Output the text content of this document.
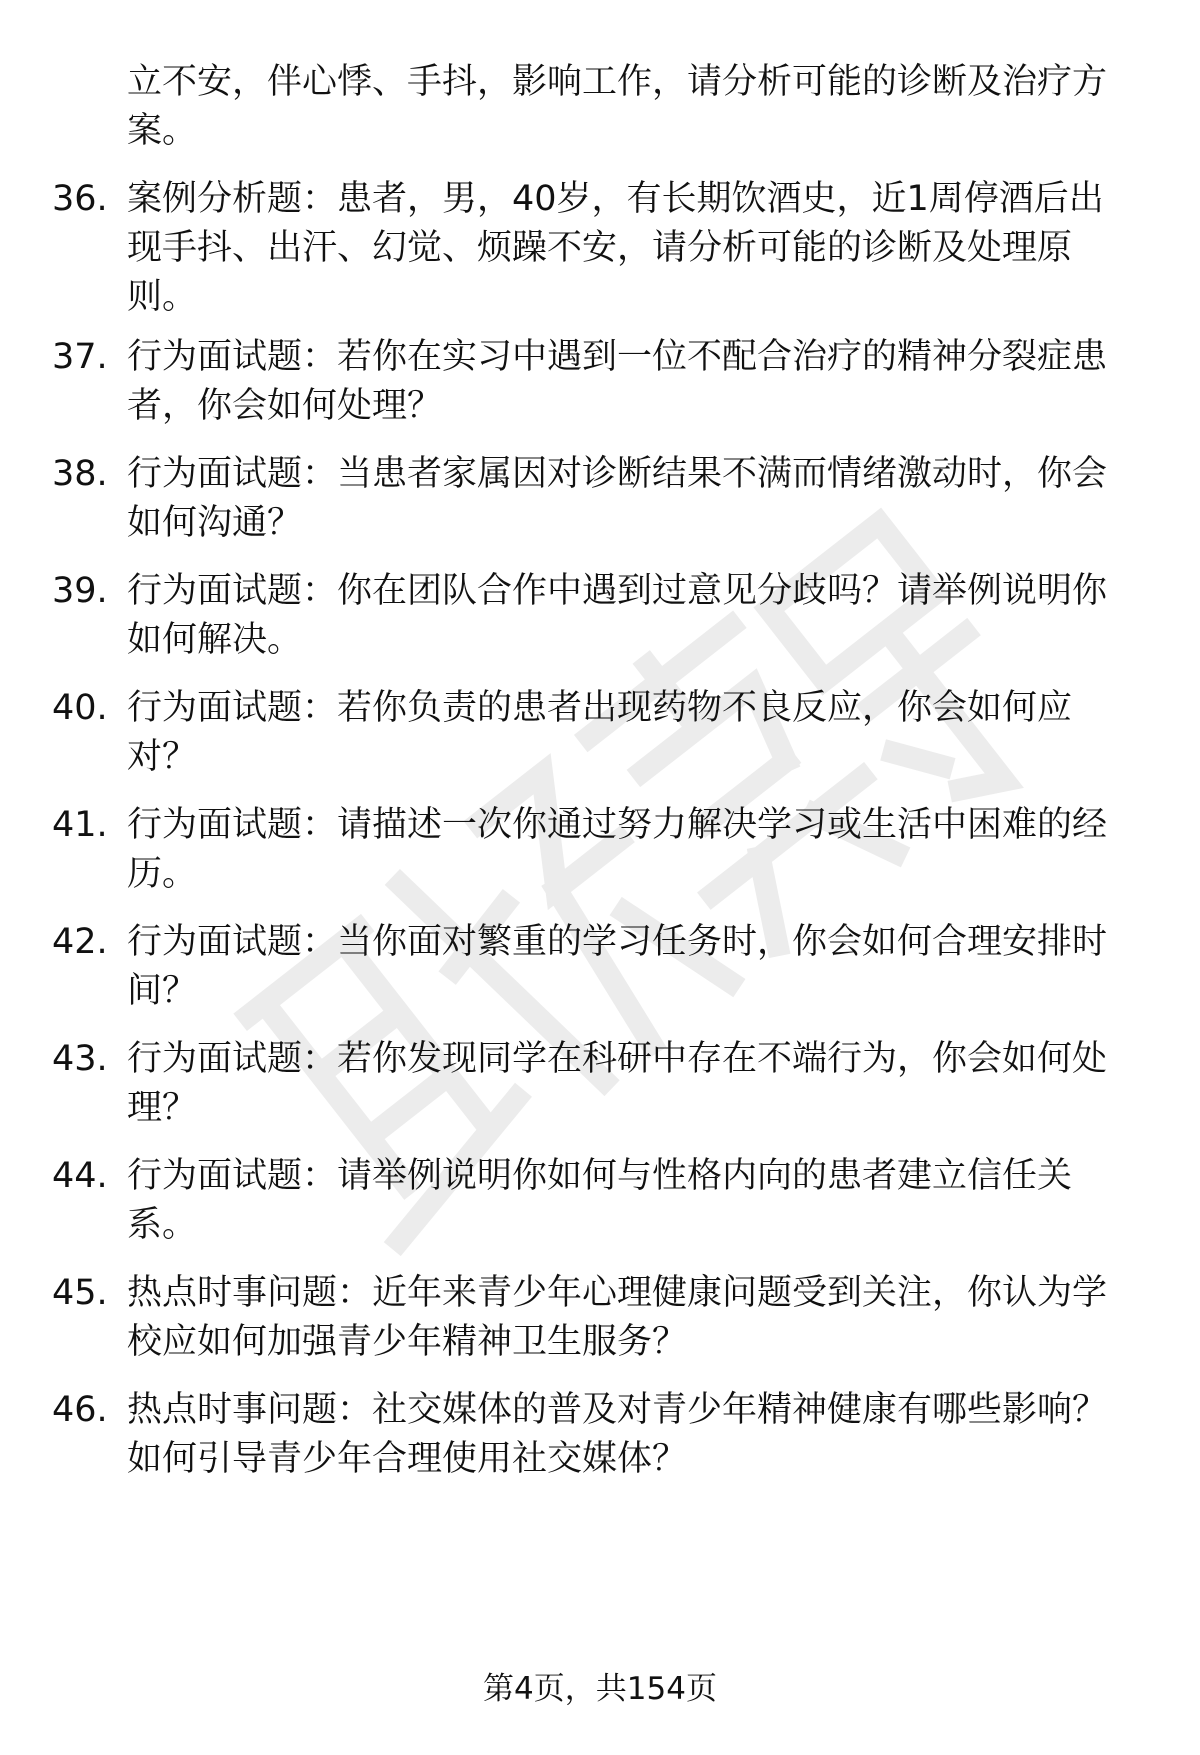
立不安，伴心悸、手抖，影响工作，请分析可能的诊断及治疗方案。

36. 案例分析题：患者，男，40岁，有长期饮酒史，近1周停酒后出现手抖、出汗、幻觉、烦躁不安，请分析可能的诊断及处理原则。
37. 行为面试题：若你在实习中遇到一位不配合治疗的精神分裂症患者，你会如何处理？
38. 行为面试题：当患者家属因对诊断结果不满而情绪激动时，你会如何沟通？
39. 行为面试题：你在团队合作中遇到过意见分歧吗？请举例说明你如何解决。
40. 行为面试题：若你负责的患者出现药物不良反应，你会如何应对？
41. 行为面试题：请描述一次你通过努力解决学习或生活中困难的经历。
42. 行为面试题：当你面对繁重的学习任务时，你会如何合理安排时间？
43. 行为面试题：若你发现同学在科研中存在不端行为，你会如何处理？
44. 行为面试题：请举例说明你如何与性格内向的患者建立信任关系。
45. 热点时事问题：近年来青少年心理健康问题受到关注，你认为学校应如何加强青少年精神卫生服务？
46. 热点时事问题：社交媒体的普及对青少年精神健康有哪些影响？如何引导青少年合理使用社交媒体？
第4页，共154页
